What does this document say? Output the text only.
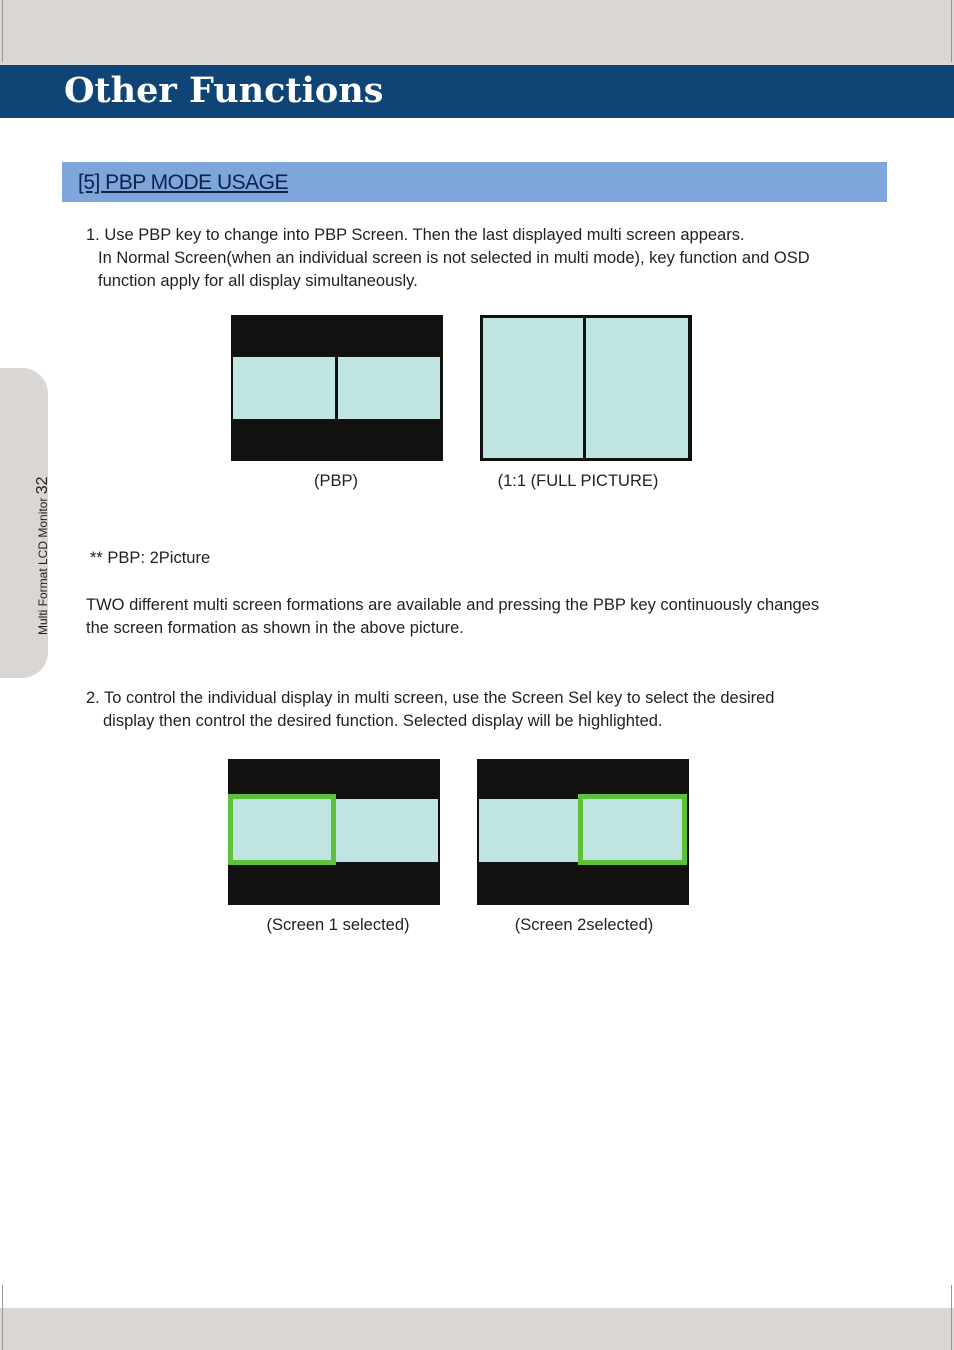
Other Functions
Multi Format LCD Monitor 32
[5] PBP MODE USAGE
1. Use PBP key to change into PBP Screen. Then the last displayed multi screen appears.
In Normal Screen(when an individual screen is not selected in multi mode), key function and OSD
function apply for all display simultaneously.
(PBP)	(1:1 (FULL PICTURE)
** PBP: 2Picture
TWO different multi screen formations are available and pressing the PBP key continuously changes
the screen formation as shown in the above picture.
2. To control the individual display in multi screen, use the Screen Sel key to select the desired
display then control the desired function. Selected display will be highlighted.
(Screen 1 selected)	(Screen 2selected)
